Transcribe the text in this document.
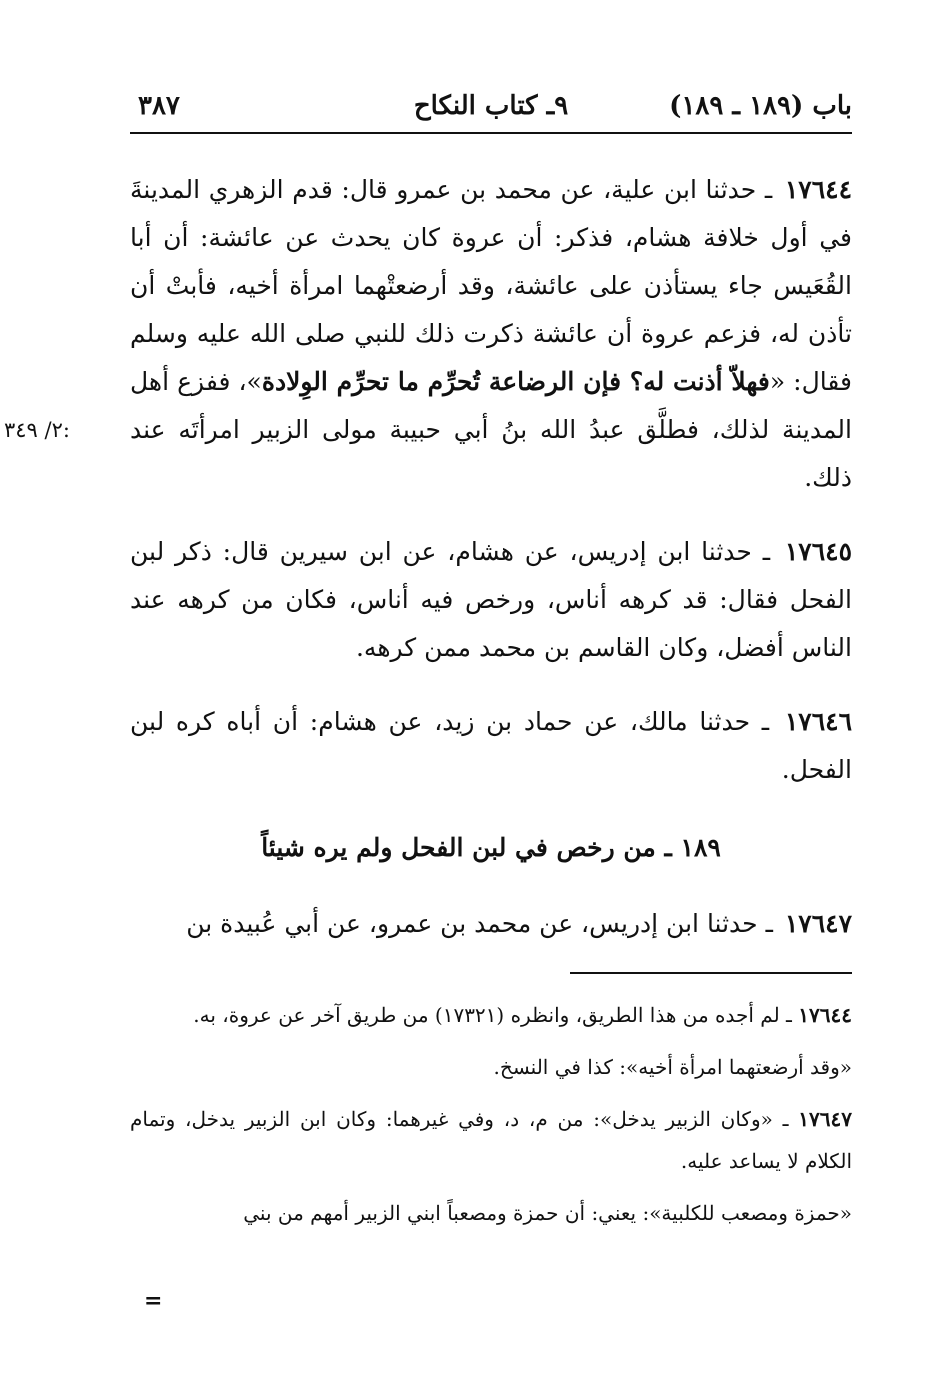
باب (١٨٩ ـ ١٨٩)
٩ـ كتاب النكاح
٣٨٧
٢/ ٣٤٩:

١٧٦٤٤ ـ حدثنا ابن علية، عن محمد بن عمرو قال: قدم الزهري المدينةَ في أول خلافة هشام، فذكر: أن عروة كان يحدث عن عائشة: أن أبا القُعَيس جاء يستأذن على عائشة، وقد أرضعتْهما امرأة أخيه، فأبتْ أن تأذن له، فزعم عروة أن عائشة ذكرت ذلك للنبي صلى الله عليه وسلم فقال: «فهلاّ أذنت له؟ فإن الرضاعة تُحرِّم ما تحرِّم الوِلادة»، ففزع أهل المدينة لذلك، فطلَّق عبدُ الله بنُ أبي حبيبة مولى الزبير امرأتَه عند ذلك.

١٧٦٤٥ ـ حدثنا ابن إدريس، عن هشام، عن ابن سيرين قال: ذكر لبن الفحل فقال: قد كرهه أناس، ورخص فيه أناس، فكان من كرهه عند الناس أفضل، وكان القاسم بن محمد ممن كرهه.

١٧٦٤٦ ـ حدثنا مالك، عن حماد بن زيد، عن هشام: أن أباه كره لبن الفحل.

١٨٩ ـ من رخص في لبن الفحل ولم يره شيئاً

١٧٦٤٧ ـ حدثنا ابن إدريس، عن محمد بن عمرو، عن أبي عُبيدة بن

١٧٦٤٤ ـ لم أجده من هذا الطريق، وانظره (١٧٣٢١) من طريق آخر عن عروة، به.

«وقد أرضعتهما امرأة أخيه»: كذا في النسخ.

١٧٦٤٧ ـ «وكان الزبير يدخل»: من م، د، وفي غيرهما: وكان ابن الزبير يدخل، وتمام الكلام لا يساعد عليه.

«حمزة ومصعب للكلبية»: يعني: أن حمزة ومصعباً ابني الزبير أمهم من بني

=
